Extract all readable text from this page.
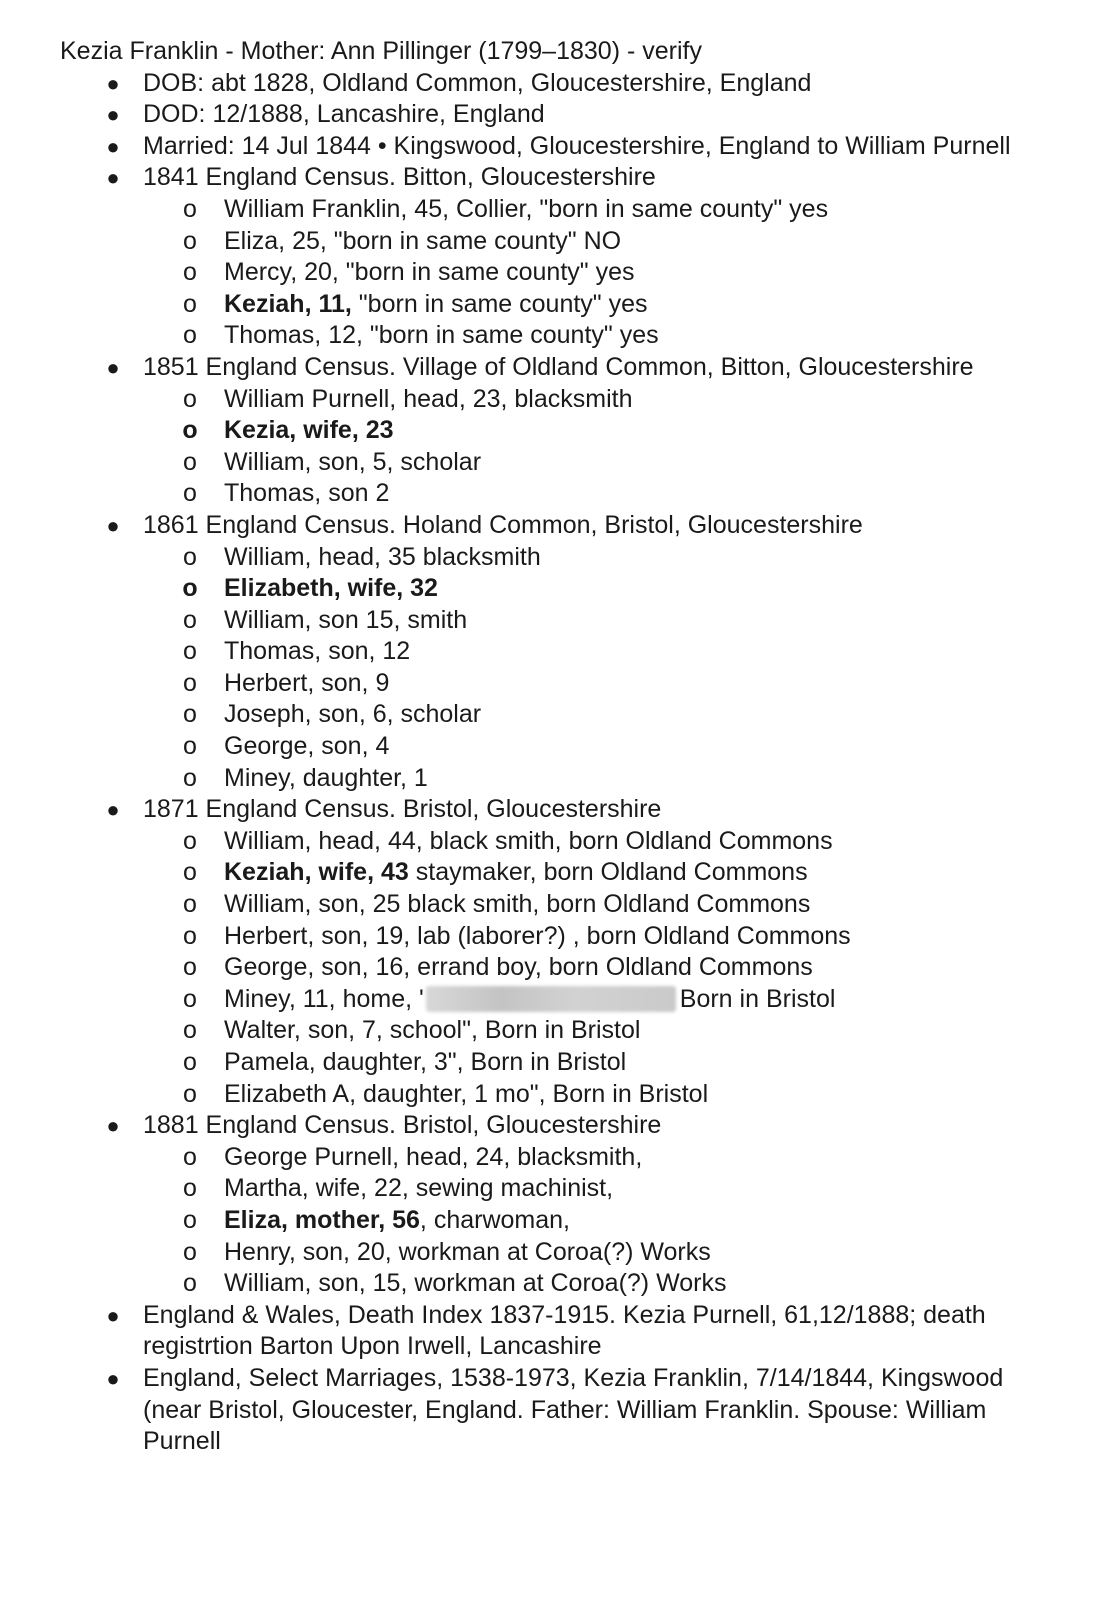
Kezia Franklin - Mother: Ann Pillinger (1799–1830) - verify
● DOB: abt 1828, Oldland Common, Gloucestershire, England
● DOD: 12/1888, Lancashire, England
● Married: 14 Jul 1844 • Kingswood, Gloucestershire, England to William Purnell
● 1841 England Census. Bitton, Gloucestershire
o William Franklin, 45, Collier, "born in same county" yes
o Eliza, 25, "born in same county" NO
o Mercy, 20, "born in same county" yes
o Keziah, 11, "born in same county" yes
o Thomas, 12, "born in same county" yes
● 1851 England Census. Village of Oldland Common, Bitton, Gloucestershire
o William Purnell, head, 23, blacksmith
o Kezia, wife, 23
o William, son, 5, scholar
o Thomas, son 2
● 1861 England Census. Holand Common, Bristol, Gloucestershire
o William, head, 35 blacksmith
o Elizabeth, wife, 32
o William, son 15, smith
o Thomas, son, 12
o Herbert, son, 9
o Joseph, son, 6, scholar
o George, son, 4
o Miney, daughter, 1
● 1871 England Census. Bristol, Gloucestershire
o William, head, 44, black smith, born Oldland Commons
o Keziah, wife, 43 staymaker, born Oldland Commons
o William, son, 25 black smith, born Oldland Commons
o Herbert, son, 19, lab (laborer?) , born Oldland Commons
o George, son, 16, errand boy, born Oldland Commons
o Miney, 11, home, '	Born in Bristol
o Walter, son, 7, school", Born in Bristol
o Pamela, daughter, 3", Born in Bristol
o Elizabeth A, daughter, 1 mo", Born in Bristol
● 1881 England Census. Bristol, Gloucestershire
o George Purnell, head, 24, blacksmith,
o Martha, wife, 22, sewing machinist,
o Eliza, mother, 56, charwoman,
o Henry, son, 20, workman at Coroa(?) Works
o William, son, 15, workman at Coroa(?) Works
● England & Wales, Death Index 1837-1915. Kezia Purnell, 61,12/1888; death registrtion Barton Upon Irwell, Lancashire
● England, Select Marriages, 1538-1973, Kezia Franklin, 7/14/1844, Kingswood (near Bristol, Gloucester, England. Father: William Franklin. Spouse: William Purnell
